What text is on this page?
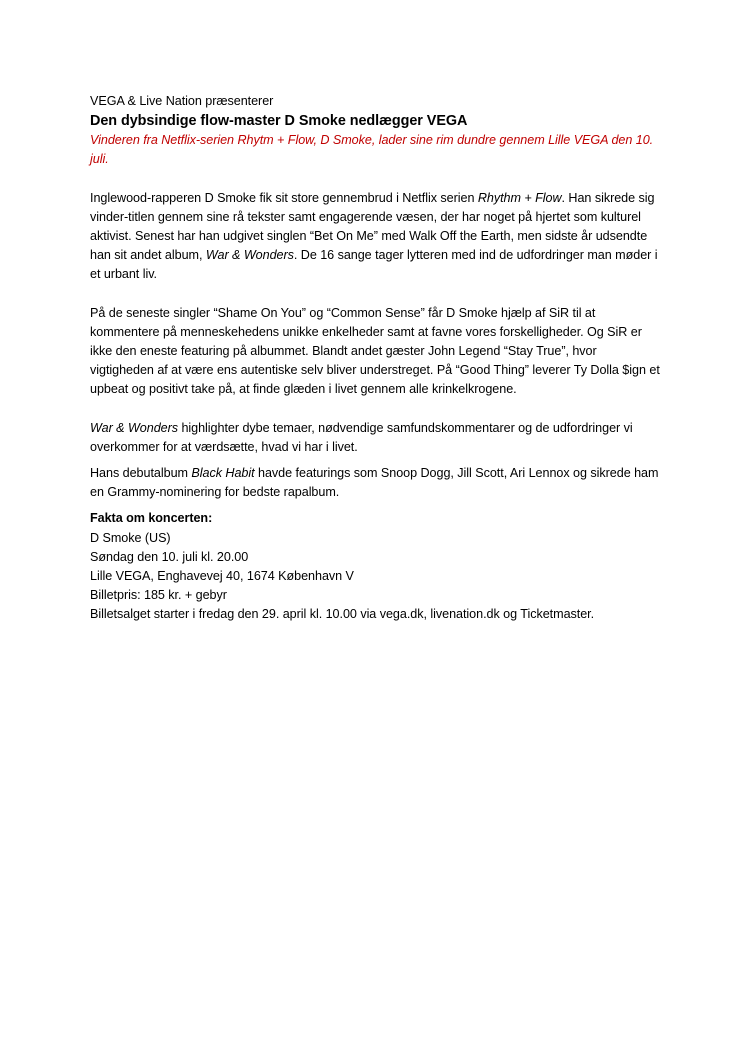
VEGA & Live Nation præsenterer

Den dybsindige flow-master D Smoke nedlægger VEGA

Vinderen fra Netflix-serien Rhytm + Flow, D Smoke, lader sine rim dundre gennem Lille VEGA den 10. juli.

Inglewood-rapperen D Smoke fik sit store gennembrud i Netflix serien Rhythm + Flow. Han sikrede sig vinder-titlen gennem sine rå tekster samt engagerende væsen, der har noget på hjertet som kulturel aktivist. Senest har han udgivet singlen “Bet On Me” med Walk Off the Earth, men sidste år udsendte han sit andet album, War & Wonders. De 16 sange tager lytteren med ind de udfordringer man møder i et urbant liv.

På de seneste singler “Shame On You” og “Common Sense” får D Smoke hjælp af SiR til at kommentere på menneskehedens unikke enkelheder samt at favne vores forskelligheder. Og SiR er ikke den eneste featuring på albummet. Blandt andet gæster John Legend “Stay True”, hvor vigtigheden af at være ens autentiske selv bliver understreget. På “Good Thing” leverer Ty Dolla $ign et upbeat og positivt take på, at finde glæden i livet gennem alle krinkelkrogene.

War & Wonders highlighter dybe temaer, nødvendige samfundskommentarer og de udfordringer vi overkommer for at værdsætte, hvad vi har i livet.

Hans debutalbum Black Habit havde featurings som Snoop Dogg, Jill Scott, Ari Lennox og sikrede ham en Grammy-nominering for bedste rapalbum.

Fakta om koncerten:

D Smoke (US)

Søndag den 10. juli kl. 20.00

Lille VEGA, Enghavevej 40, 1674 København V

Billetpris: 185 kr. + gebyr

Billetsalget starter i fredag den 29. april kl. 10.00 via vega.dk, livenation.dk og Ticketmaster.
